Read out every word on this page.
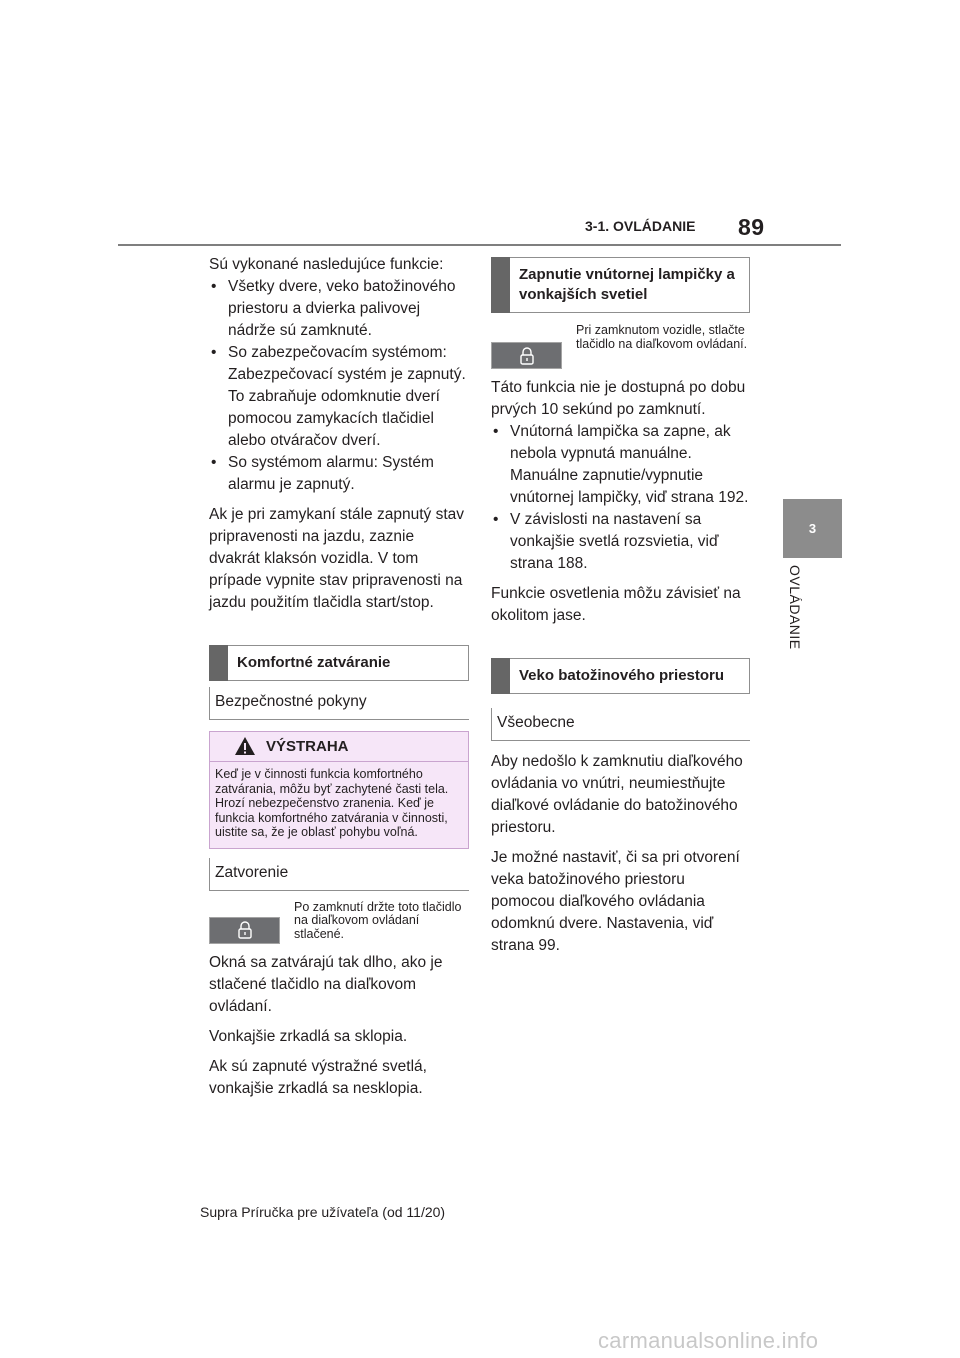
89
3-1. OVLÁDANIE
3
OVLÁDANIE

Sú vykonané nasledujúce funkcie:

• Všetky dvere, veko batožinového priestoru a dvierka palivovej nádrže sú zamknuté.
• So zabezpečovacím systémom: Zabezpečovací systém je zapnutý. To zabraňuje odomknutie dverí pomocou zamykacích tlačidiel alebo otváračov dverí.
• So systémom alarmu: Systém alarmu je zapnutý.

Ak je pri zamykaní stále zapnutý stav pripravenosti na jazdu, zaznie dvakrát klaksón vozidla. V tom prípade vypnite stav pripravenosti na jazdu použitím tlačidla start/stop.

Komfortné zatváranie
Bezpečnostné pokyny
VÝSTRAHA
Keď je v činnosti funkcia komfortného zatvárania, môžu byť zachytené časti tela. Hrozí nebezpečenstvo zranenia. Keď je funkcia komfortného zatvárania v činnosti, uistite sa, že je oblasť pohybu voľná.
Zatvorenie
Po zamknutí držte toto tlačidlo na diaľkovom ovládaní stlačené.

Okná sa zatvárajú tak dlho, ako je stlačené tlačidlo na diaľkovom ovládaní.

Vonkajšie zrkadlá sa sklopia.

Ak sú zapnuté výstražné svetlá, vonkajšie zrkadlá sa nesklopia.

Zapnutie vnútornej lampičky a vonkajších svetiel
Pri zamknutom vozidle, stlačte tlačidlo na diaľkovom ovládaní.

Táto funkcia nie je dostupná po dobu prvých 10 sekúnd po zamknutí.

• Vnútorná lampička sa zapne, ak nebola vypnutá manuálne. Manuálne zapnutie/vypnutie vnútornej lampičky, viď strana 192.
• V závislosti na nastavení sa vonkajšie svetlá rozsvietia, viď strana 188.

Funkcie osvetlenia môžu závisieť na okolitom jase.

Veko batožinového priestoru
Všeobecne

Aby nedošlo k zamknutiu diaľkového ovládania vo vnútri, neumiestňujte diaľkové ovládanie do batožinového priestoru.

Je možné nastaviť, či sa pri otvorení veka batožinového priestoru pomocou diaľkového ovládania odomknú dvere. Nastavenia, viď strana 99.

Supra Príručka pre užívateľa (od 11/20)
carmanualsonline.info
